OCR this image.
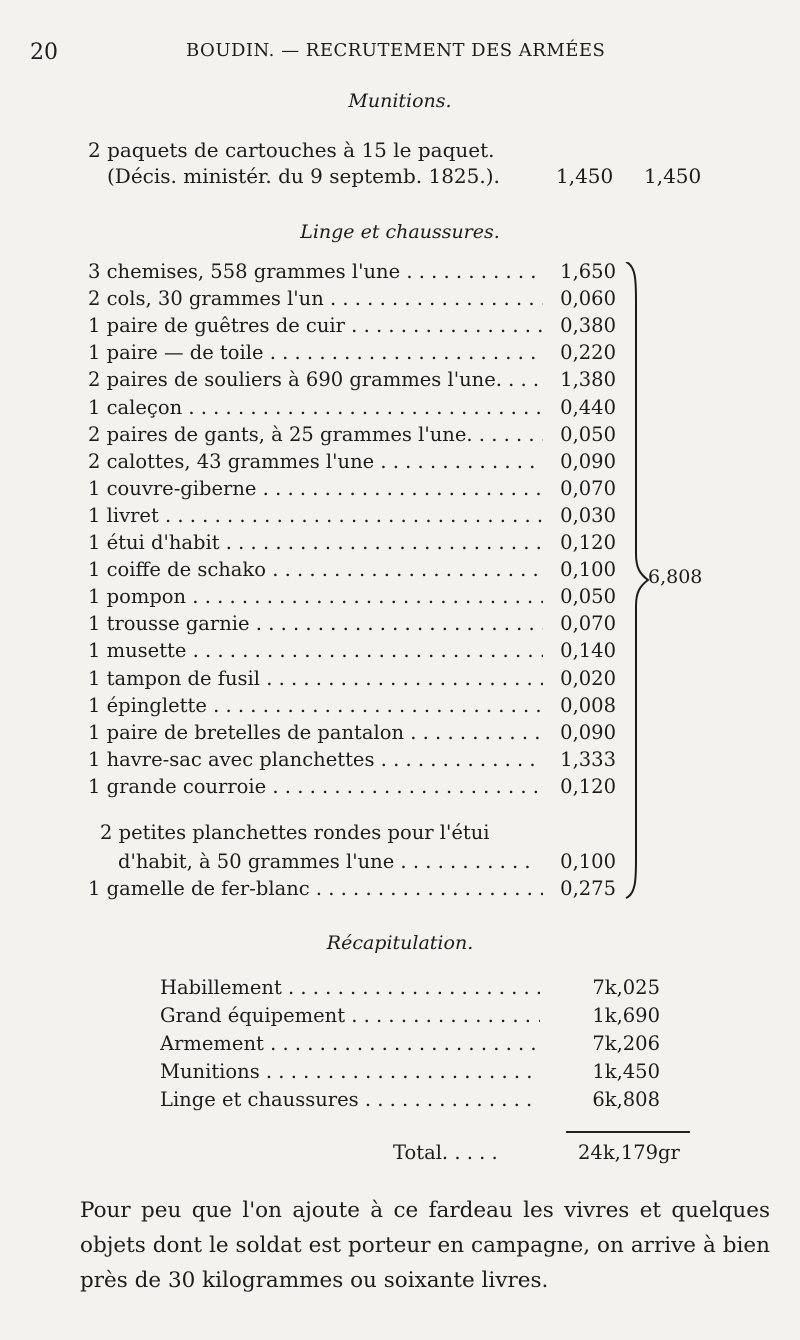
20	BOUDIN. — RECRUTEMENT DES ARMÉES
Munitions.
2 paquets de cartouches à 15 le paquet.
(Décis. ministér. du 9 septemb. 1825.).	1,450 1,450
Linge et chaussures.
3 chemises, 558 grammes l'une . . .	1,650
2 cols, 30 grammes l'un . . .	0,060
1 paire de guêtres de cuir . . .	0,380
1 paire — de toile . . .	0,220
2 paires de souliers à 690 grammes l'une. . . .	1,380
1 caleçon . . .	0,440
2 paires de gants, à 25 grammes l'une. . . .	0,050
2 calottes, 43 grammes l'une . . .	0,090
1 couvre-giberne . . .	0,070
1 livret . . .	0,030
1 étui d'habit . . .	0,120
1 coiffe de schako . . .	0,100
1 pompon . . .	0,050
1 trousse garnie . . .	0,070
1 musette . . .	0,140
1 tampon de fusil . . .	0,020
1 épinglette . . .	0,008
1 paire de bretelles de pantalon . . .	0,090
1 havre-sac avec planchettes . . .	1,333
1 grande courroie . . .	0,120
2 petites planchettes rondes pour l'étui
d'habit, à 50 grammes l'une . . .	0,100
1 gamelle de fer-blanc . . .	0,275
6,808
Récapitulation.
Habillement . . .	7k,025
Grand équipement . . .	1k,690
Armement . . .	7k,206
Munitions . . .	1k,450
Linge et chaussures . . .	6k,808
Total. . . . .	24k,179gr
Pour peu que l'on ajoute à ce fardeau les vivres et quelques objets dont le soldat est porteur en campagne, on arrive à bien près de 30 kilogrammes ou soixante livres.
